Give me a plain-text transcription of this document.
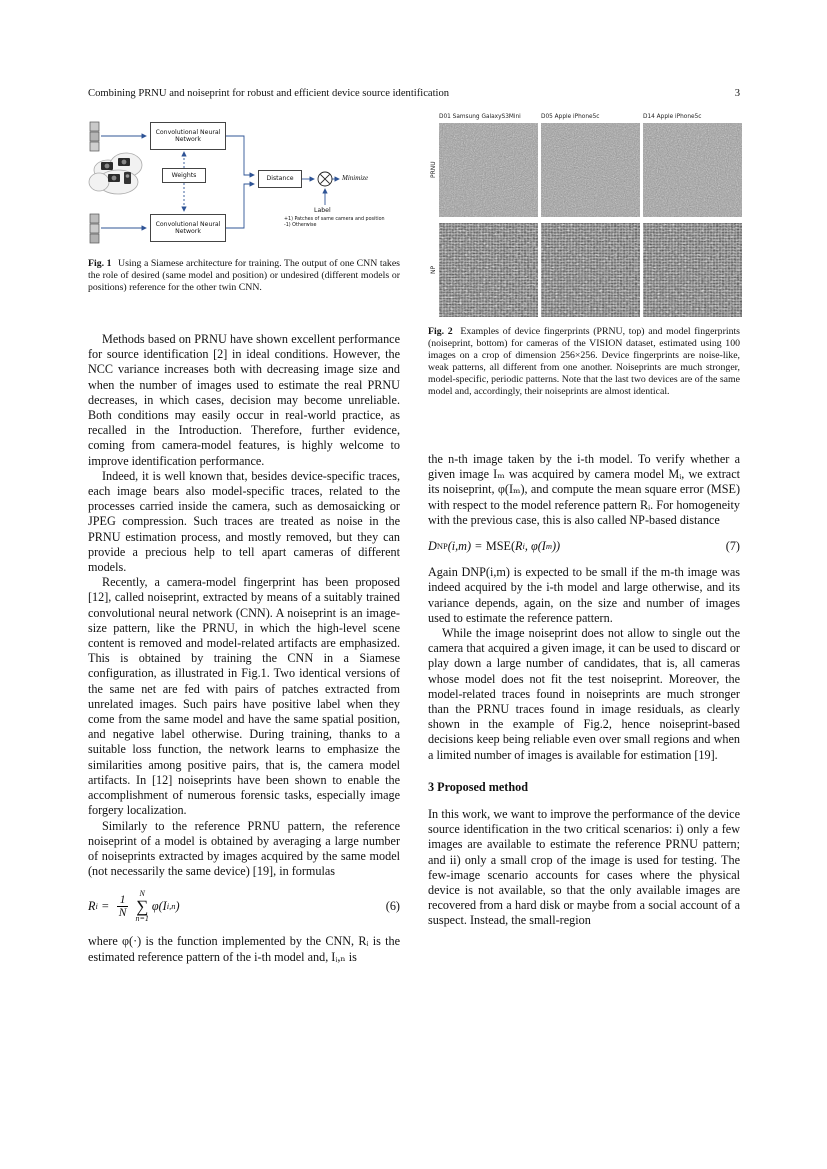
Combining PRNU and noiseprint for robust and efficient device source identification	3
Convolutional Neural Network
Weights
Convolutional Neural Network
Distance	Minimize
Label
+1) Patches of same camera and position
-1) Otherwise

Fig. 1 Using a Siamese architecture for training. The output of one CNN takes the role of desired (same model and position) or undesired (different models or positions) reference for the other twin CNN.

D01 Samsung GalaxyS3Mini	D05 Apple iPhone5c	D14 Apple iPhone5c
PRNU
NP

Fig. 2 Examples of device fingerprints (PRNU, top) and model fingerprints (noiseprint, bottom) for cameras of the VISION dataset, estimated using 100 images on a crop of dimension 256×256. Device fingerprints are noise-like, weak patterns, all different from one another. Noiseprints are much stronger, model-specific, periodic patterns. Note that the last two devices are of the same model and, accordingly, their noiseprints are almost identical.

Methods based on PRNU have shown excellent performance for source identification [2] in ideal conditions. However, the NCC variance increases both with decreasing image size and when the number of images used to estimate the real PRNU decreases, in which cases, decision may become unreliable. Both conditions may easily occur in real-world practice, as recalled in the Introduction. Therefore, further evidence, coming from camera-model features, is highly welcome to improve identification performance.

Indeed, it is well known that, besides device-specific traces, each image bears also model-specific traces, related to the processes carried inside the camera, such as demosaicking or JPEG compression. Such traces are treated as noise in the PRNU estimation process, and mostly removed, but they can provide a precious help to tell apart cameras of different models.

Recently, a camera-model fingerprint has been proposed [12], called noiseprint, extracted by means of a suitably trained convolutional neural network (CNN). A noiseprint is an image-size pattern, like the PRNU, in which the high-level scene content is removed and model-related artifacts are emphasized. This is obtained by training the CNN in a Siamese configuration, as illustrated in Fig.1. Two identical versions of the same net are fed with pairs of patches extracted from unrelated images. Such pairs have positive label when they come from the same model and have the same spatial position, and negative label otherwise. During training, thanks to a suitable loss function, the network learns to emphasize the similarities among positive pairs, that is, the camera model artifacts. In [12] noiseprints have been shown to enable the accomplishment of numerous forensic tasks, especially image forgery localization.

Similarly to the reference PRNU pattern, the reference noiseprint of a model is obtained by averaging a large number of noiseprints extracted by images acquired by the same model (not necessarily the same device) [19], in formulas

R $i = \frac{1}{N}$ N
∑
n=1
φ(I i,n )	(6)

where φ(·) is the function implemented by the CNN, Rᵢ is the estimated reference pattern of the i-th model and, Iᵢ,ₙ is

the n-th image taken by the i-th model. To verify whether a given image Iₘ was acquired by camera model Mᵢ, we extract its noiseprint, φ(Iₘ), and compute the mean square error (MSE) with respect to the model reference pattern Rᵢ. For homogeneity with the previous case, this is also called NP-based distance

D NP (i,m) = MSE( R i , φ(I m ))	(7)

Again DNP(i,m) is expected to be small if the m-th image was indeed acquired by the i-th model and large otherwise, and its variance depends, again, on the size and number of images used to estimate the reference pattern.

While the image noiseprint does not allow to single out the camera that acquired a given image, it can be used to discard or play down a large number of candidates, that is, all cameras whose model does not fit the test noiseprint. Moreover, the model-related traces found in noiseprints are much stronger than the PRNU traces found in image residuals, as clearly shown in the example of Fig.2, hence noiseprint-based decisions keep being reliable even over small regions and when a limited number of images is available for estimation [19].

3 Proposed method

In this work, we want to improve the performance of the device source identification in the two critical scenarios: i) only a few images are available to estimate the reference PRNU pattern; and ii) only a small crop of the image is used for testing. The few-image scenario accounts for cases where the physical device is not available, so that the only available images are recovered from a hard disk or maybe from a social account of a suspect. Instead, the small-region
